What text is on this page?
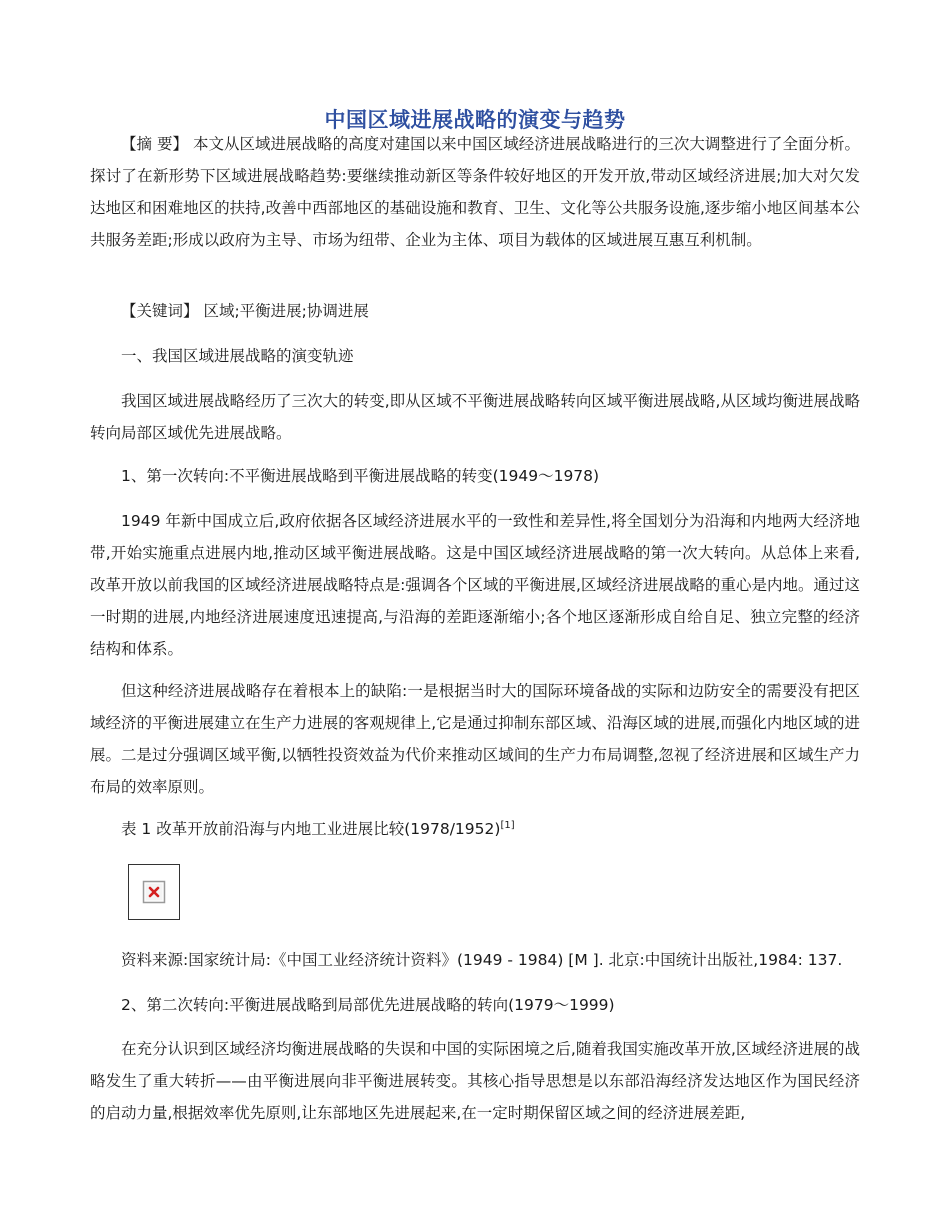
中国区域进展战略的演变与趋势

【摘 要】 本文从区域进展战略的高度对建国以来中国区域经济进展战略进行的三次大调整进行了全面分析。探讨了在新形势下区域进展战略趋势:要继续推动新区等条件较好地区的开发开放,带动区域经济进展;加大对欠发达地区和困难地区的扶持,改善中西部地区的基础设施和教育、卫生、文化等公共服务设施,逐步缩小地区间基本公共服务差距;形成以政府为主导、市场为纽带、企业为主体、项目为载体的区域进展互惠互利机制。

【关键词】 区域;平衡进展;协调进展

一、我国区域进展战略的演变轨迹

我国区域进展战略经历了三次大的转变,即从区域不平衡进展战略转向区域平衡进展战略,从区域均衡进展战略转向局部区域优先进展战略。

1、第一次转向:不平衡进展战略到平衡进展战略的转变(1949～1978)

1949 年新中国成立后,政府依据各区域经济进展水平的一致性和差异性,将全国划分为沿海和内地两大经济地带,开始实施重点进展内地,推动区域平衡进展战略。这是中国区域经济进展战略的第一次大转向。从总体上来看,改革开放以前我国的区域经济进展战略特点是:强调各个区域的平衡进展,区域经济进展战略的重心是内地。通过这一时期的进展,内地经济进展速度迅速提高,与沿海的差距逐渐缩小;各个地区逐渐形成自给自足、独立完整的经济结构和体系。

但这种经济进展战略存在着根本上的缺陷:一是根据当时大的国际环境备战的实际和边防安全的需要没有把区域经济的平衡进展建立在生产力进展的客观规律上,它是通过抑制东部区域、沿海区域的进展,而强化内地区域的进展。二是过分强调区域平衡,以牺牲投资效益为代价来推动区域间的生产力布局调整,忽视了经济进展和区域生产力布局的效率原则。

表 1 改革开放前沿海与内地工业进展比较(1978/1952)[1]

资料来源:国家统计局:《中国工业经济统计资料》(1949 - 1984) [M ]. 北京:中国统计出版社,1984: 137.

2、第二次转向:平衡进展战略到局部优先进展战略的转向(1979～1999)

在充分认识到区域经济均衡进展战略的失误和中国的实际困境之后,随着我国实施改革开放,区域经济进展的战略发生了重大转折——由平衡进展向非平衡进展转变。其核心指导思想是以东部沿海经济发达地区作为国民经济的启动力量,根据效率优先原则,让东部地区先进展起来,在一定时期保留区域之间的经济进展差距,
